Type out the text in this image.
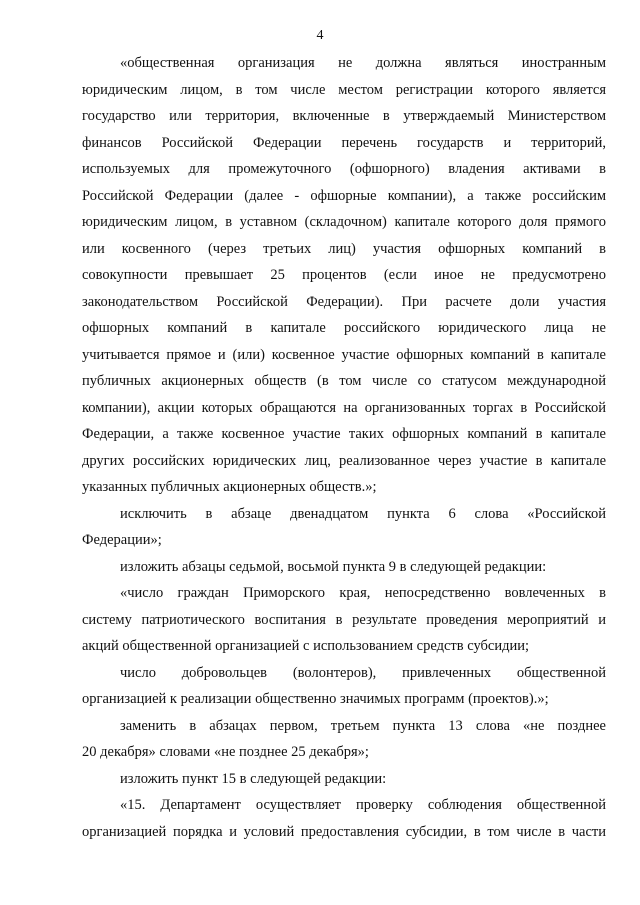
4
«общественная организация не должна являться иностранным
юридическим лицом, в том числе местом регистрации которого является
государство или территория, включенные в утверждаемый Министерством
финансов Российской Федерации перечень государств и территорий,
используемых для промежуточного (офшорного) владения активами в
Российской Федерации (далее - офшорные компании), а также российским
юридическим лицом, в уставном (складочном) капитале которого доля прямого
или косвенного (через третьих лиц) участия офшорных компаний в
совокупности превышает 25 процентов (если иное не предусмотрено
законодательством Российской Федерации). При расчете доли участия
офшорных компаний в капитале российского юридического лица не
учитывается прямое и (или) косвенное участие офшорных компаний в капитале
публичных акционерных обществ (в том числе со статусом международной
компании), акции которых обращаются на организованных торгах в Российской
Федерации, а также косвенное участие таких офшорных компаний в капитале
других российских юридических лиц, реализованное через участие в капитале
указанных публичных акционерных обществ.»;
исключить в абзаце двенадцатом пункта 6 слова «Российской
Федерации»;
изложить абзацы седьмой, восьмой пункта 9 в следующей редакции:
«число граждан Приморского края, непосредственно вовлеченных в
систему патриотического воспитания в результате проведения мероприятий и
акций общественной организацией с использованием средств субсидии;
число добровольцев (волонтеров), привлеченных общественной
организацией к реализации общественно значимых программ (проектов).»;
заменить в абзацах первом, третьем пункта 13 слова «не позднее
20 декабря» словами «не позднее 25 декабря»;
изложить пункт 15 в следующей редакции:
«15. Департамент осуществляет проверку соблюдения общественной
организацией порядка и условий предоставления субсидии, в том числе в части
